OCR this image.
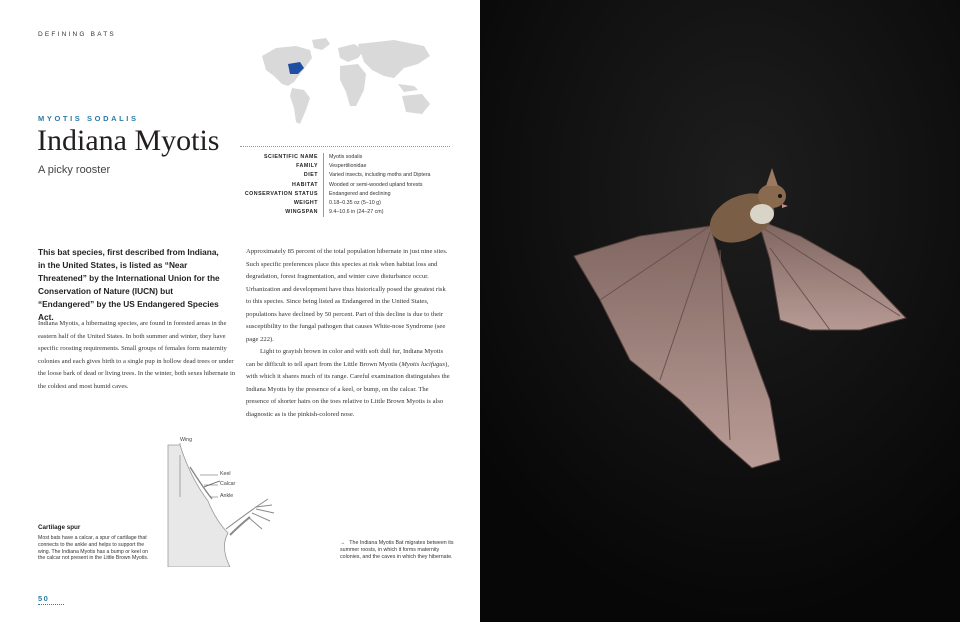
DEFINING BATS
MYOTIS SODALIS
Indiana Myotis
A picky rooster
SCIENTIFIC NAME	Myotis sodalis
FAMILY	Vespertilionidae
DIET	Varied insects, including moths and Diptera
HABITAT	Wooded or semi-wooded upland forests
CONSERVATION STATUS	Endangered and declining
WEIGHT	0.18–0.35 oz (5–10 g)
WINGSPAN	9.4–10.6 in (24–27 cm)
This bat species, first described from Indiana, in the United States, is listed as “Near Threatened” by the International Union for the Conservation of Nature (IUCN) but “Endangered” by the US Endangered Species Act.

Indiana Myotis, a hibernating species, are found in forested areas in the eastern half of the United States. In both summer and winter, they have specific roosting requirements. Small groups of females form maternity colonies and each gives birth to a single pup in hollow dead trees or under the loose bark of dead or living trees. In the winter, both sexes hibernate in the coldest and most humid caves.

Approximately 85 percent of the total population hibernate in just nine sites. Such specific preferences place this species at risk when habitat loss and degradation, forest fragmentation, and winter cave disturbance occur. Urbanization and development have thus historically posed the greatest risk to this species. Since being listed as Endangered in the United States, populations have declined by 50 percent. Part of this decline is due to their susceptibility to the fungal pathogen that causes White-nose Syndrome (see page 222).

Light to grayish brown in color and with soft dull fur, Indiana Myotis can be difficult to tell apart from the Little Brown Myotis (Myotis lucifugus), with which it shares much of its range. Careful examination distinguishes the Indiana Myotis by the presence of a keel, or bump, on the calcar. The presence of shorter hairs on the toes relative to Little Brown Myotis is also diagnostic as is the pinkish-colored nose.

Wing
Keel
Calcar
Ankle
Cartilage spur
Most bats have a calcar, a spur of cartilage that connects to the ankle and helps to support the wing. The Indiana Myotis has a bump or keel on the calcar not present in the Little Brown Myotis.
→ The Indiana Myotis Bat migrates between its summer roosts, in which it forms maternity colonies, and the caves in which they hibernate.
50
